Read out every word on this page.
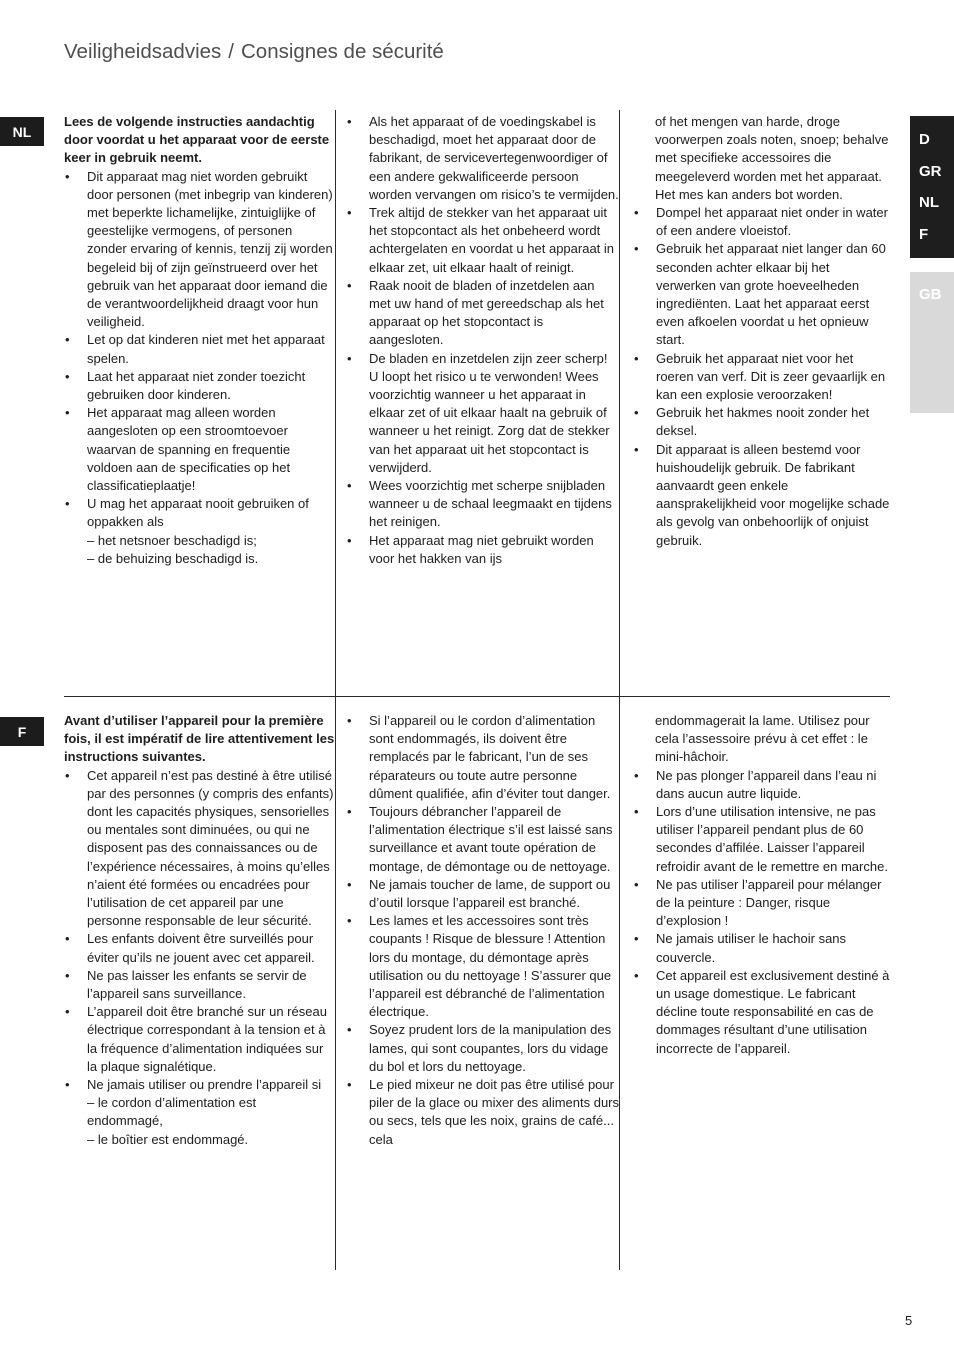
Veiligheidsadvies / Consignes de sécurité
D
GR
NL
F
GB
NL

Lees de volgende instructies aandachtig door voordat u het apparaat voor de eerste keer in gebruik neemt.

• Dit apparaat mag niet worden gebruikt door personen (met inbegrip van kinderen) met beperkte lichamelijke, zintuiglijke of geestelijke vermogens, of personen zonder ervaring of kennis, tenzij zij worden begeleid bij of zijn geïnstrueerd over het gebruik van het apparaat door iemand die de verantwoordelijkheid draagt voor hun veiligheid.
• Let op dat kinderen niet met het apparaat spelen.
• Laat het apparaat niet zonder toezicht gebruiken door kinderen.
• Het apparaat mag alleen worden aangesloten op een stroomtoevoer waarvan de spanning en frequentie voldoen aan de specificaties op het classificatieplaatje!
• U mag het apparaat nooit gebruiken of oppakken als
– het netsnoer beschadigd is;
– de behuizing beschadigd is.
• Als het apparaat of de voedingskabel is beschadigd, moet het apparaat door de fabrikant, de servicevertegenwoordiger of een andere gekwalificeerde persoon worden vervangen om risico’s te vermijden.
• Trek altijd de stekker van het apparaat uit het stopcontact als het onbeheerd wordt achtergelaten en voordat u het apparaat in elkaar zet, uit elkaar haalt of reinigt.
• Raak nooit de bladen of inzetdelen aan met uw hand of met gereedschap als het apparaat op het stopcontact is aangesloten.
• De bladen en inzetdelen zijn zeer scherp! U loopt het risico u te verwonden! Wees voorzichtig wanneer u het apparaat in elkaar zet of uit elkaar haalt na gebruik of wanneer u het reinigt. Zorg dat de stekker van het apparaat uit het stopcontact is verwijderd.
• Wees voorzichtig met scherpe snijbladen wanneer u de schaal leegmaakt en tijdens het reinigen.
• Het apparaat mag niet gebruikt worden voor het hakken van ijs
of het mengen van harde, droge voorwerpen zoals noten, snoep; behalve met specifieke accessoires die meegeleverd worden met het apparaat. Het mes kan anders bot worden.
• Dompel het apparaat niet onder in water of een andere vloeistof.
• Gebruik het apparaat niet langer dan 60 seconden achter elkaar bij het verwerken van grote hoeveelheden ingrediënten. Laat het apparaat eerst even afkoelen voordat u het opnieuw start.
• Gebruik het apparaat niet voor het roeren van verf. Dit is zeer gevaarlijk en kan een explosie veroorzaken!
• Gebruik het hakmes nooit zonder het deksel.
• Dit apparaat is alleen bestemd voor huishoudelijk gebruik. De fabrikant aanvaardt geen enkele aansprakelijkheid voor mogelijke schade als gevolg van onbehoorlijk of onjuist gebruik.
F

Avant d’utiliser l’appareil pour la première fois, il est impératif de lire attentivement les instructions suivantes.

• Cet appareil n’est pas destiné à être utilisé par des personnes (y compris des enfants) dont les capacités physiques, sensorielles ou mentales sont diminuées, ou qui ne disposent pas des connaissances ou de l’expérience nécessaires, à moins qu’elles n’aient été formées ou encadrées pour l’utilisation de cet appareil par une personne responsable de leur sécurité.
• Les enfants doivent être surveillés pour éviter qu’ils ne jouent avec cet appareil.
• Ne pas laisser les enfants se servir de l’appareil sans surveillance.
• L’appareil doit être branché sur un réseau électrique correspondant à la tension et à la fréquence d’alimentation indiquées sur la plaque signalétique.
• Ne jamais utiliser ou prendre l’appareil si
– le cordon d’alimentation est endommagé,
– le boîtier est endommagé.
• Si l’appareil ou le cordon d’alimentation sont endommagés, ils doivent être remplacés par le fabricant, l’un de ses réparateurs ou toute autre personne dûment qualifiée, afin d’éviter tout danger.
• Toujours débrancher l’appareil de l’alimentation électrique s’il est laissé sans surveillance et avant toute opération de montage, de démontage ou de nettoyage.
• Ne jamais toucher de lame, de support ou d’outil lorsque l’appareil est branché.
• Les lames et les accessoires sont très coupants ! Risque de blessure ! Attention lors du montage, du démontage après utilisation ou du nettoyage ! S’assurer que l’appareil est débranché de l’alimentation électrique.
• Soyez prudent lors de la manipulation des lames, qui sont coupantes, lors du vidage du bol et lors du nettoyage.
• Le pied mixeur ne doit pas être utilisé pour piler de la glace ou mixer des aliments durs ou secs, tels que les noix, grains de café... cela
endommagerait la lame. Utilisez pour cela l’assessoire prévu à cet effet : le mini-hâchoir.
• Ne pas plonger l’appareil dans l’eau ni dans aucun autre liquide.
• Lors d’une utilisation intensive, ne pas utiliser l’appareil pendant plus de 60 secondes d’affilée. Laisser l’appareil refroidir avant de le remettre en marche.
• Ne pas utiliser l’appareil pour mélanger de la peinture : Danger, risque d’explosion !
• Ne jamais utiliser le hachoir sans couvercle.
• Cet appareil est exclusivement destiné à un usage domestique. Le fabricant décline toute responsabilité en cas de dommages résultant d’une utilisation incorrecte de l’appareil.
5
